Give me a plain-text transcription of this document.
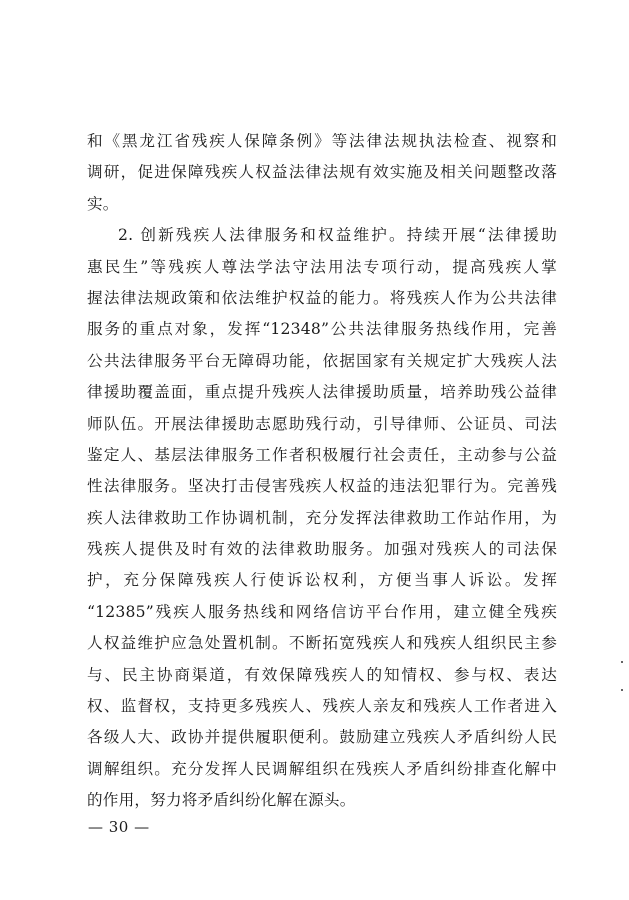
和《黑龙江省残疾人保障条例》等法律法规执法检查、视察和
调研，促进保障残疾人权益法律法规有效实施及相关问题整改落
实。
2. 创新残疾人法律服务和权益维护。持续开展“法律援助
惠民生”等残疾人尊法学法守法用法专项行动，提高残疾人掌
握法律法规政策和依法维护权益的能力。将残疾人作为公共法律
服务的重点对象，发挥“12348”公共法律服务热线作用，完善
公共法律服务平台无障碍功能，依据国家有关规定扩大残疾人法
律援助覆盖面，重点提升残疾人法律援助质量，培养助残公益律
师队伍。开展法律援助志愿助残行动，引导律师、公证员、司法
鉴定人、基层法律服务工作者积极履行社会责任，主动参与公益
性法律服务。坚决打击侵害残疾人权益的违法犯罪行为。完善残
疾人法律救助工作协调机制，充分发挥法律救助工作站作用，为
残疾人提供及时有效的法律救助服务。加强对残疾人的司法保
护，充分保障残疾人行使诉讼权利，方便当事人诉讼。发挥
“12385”残疾人服务热线和网络信访平台作用，建立健全残疾
人权益维护应急处置机制。不断拓宽残疾人和残疾人组织民主参
与、民主协商渠道，有效保障残疾人的知情权、参与权、表达
权、监督权，支持更多残疾人、残疾人亲友和残疾人工作者进入
各级人大、政协并提供履职便利。鼓励建立残疾人矛盾纠纷人民
调解组织。充分发挥人民调解组织在残疾人矛盾纠纷排查化解中
的作用，努力将矛盾纠纷化解在源头。
— 30 —
